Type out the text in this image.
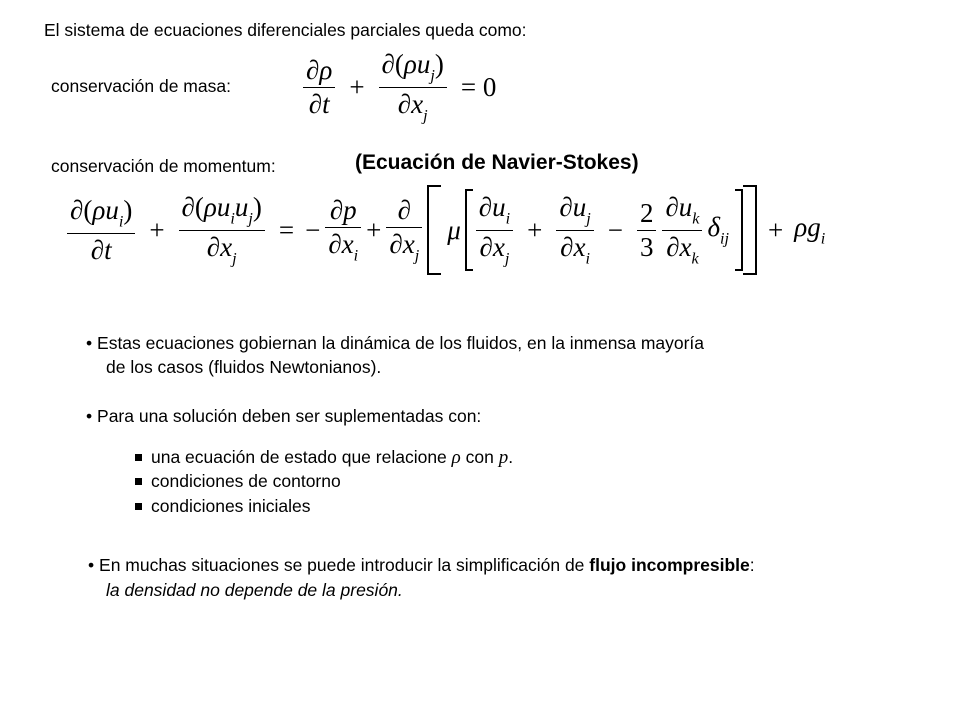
El sistema de ecuaciones diferenciales parciales queda como:
conservación de masa:	$\frac{\partial\rho}{\partial t} + \frac{\partial(\rho u_j)}{\partial x_j} = 0$
conservación de momentum:	(Ecuación de Navier-Stokes)
$\frac{\partial(\rho u_i)}{\partial t} + \frac{\partial(\rho u_iu_j)}{\partial x_j}$ = − $\frac{\partial p}{\partial x_i} + \frac{\partial}{\partial x_j}$ μ $\frac{\partial u_i}{\partial x_j} + \frac{\partial u_j}{\partial x_i} - \frac{2}{3} \frac{\partial u_k}{\partial x_k} \delta_{ij} + \rho g_i$
• Estas ecuaciones gobiernan la dinámica de los fluidos, en la inmensa mayoría
de los casos (fluidos Newtonianos).
• Para una solución deben ser suplementadas con:
una ecuación de estado que relacione ρ con p.
condiciones de contorno
condiciones iniciales
• En muchas situaciones se puede introducir la simplificación de flujo incompresible:
la densidad no depende de la presión.
